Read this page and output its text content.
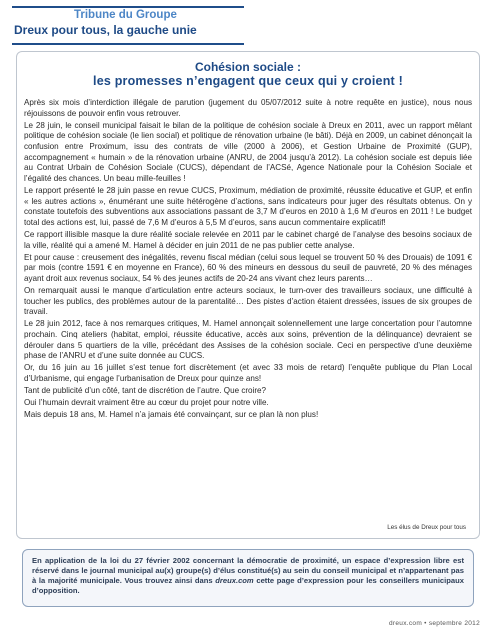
Tribune du Groupe
Dreux pour tous, la gauche unie
Cohésion sociale :
les promesses n’engagent que ceux qui y croient !

Après six mois d’interdiction illégale de parution (jugement du 05/07/2012 suite à notre requête en justice), nous nous réjouissons de pouvoir enfin vous retrouver.

Le 28 juin, le conseil municipal faisait le bilan de la politique de cohésion sociale à Dreux en 2011, avec un rapport mêlant politique de cohésion sociale (le lien social) et politique de rénovation urbaine (le bâti). Déjà en 2009, un cabinet dénonçait la confusion entre Proximum, issu des contrats de ville (2000 à 2006), et Gestion Urbaine de Proximité (GUP), accompagnement « humain » de la rénovation urbaine (ANRU, de 2004 jusqu’à 2012). La cohésion sociale est depuis liée au Contrat Urbain de Cohésion Sociale (CUCS), dépendant de l’ACSé, Agence Nationale pour la Cohésion Sociale et l’égalité des chances. Un beau mille-feuilles !

Le rapport présenté le 28 juin passe en revue CUCS, Proximum, médiation de proximité, réussite éducative et GUP, et enfin « les autres actions », énumérant une suite hétérogène d’actions, sans indicateurs pour juger des résultats obtenus. On y constate toutefois des subventions aux associations passant de 3,7 M d’euros en 2010 à 1,6 M d’euros en 2011 ! Le budget total des actions est, lui, passé de 7,6 M d’euros à 5,5 M d’euros, sans aucun commentaire explicatif!

Ce rapport illisible masque la dure réalité sociale relevée en 2011 par le cabinet chargé de l’analyse des besoins sociaux de la ville, réalité qui a amené M. Hamel à décider en juin 2011 de ne pas publier cette analyse.

Et pour cause : creusement des inégalités, revenu fiscal médian (celui sous lequel se trouvent 50 % des Drouais) de 1091 € par mois (contre 1591 € en moyenne en France), 60 % des mineurs en dessous du seuil de pauvreté, 20 % des ménages ayant droit aux revenus sociaux, 54 % des jeunes actifs de 20-24 ans vivant chez leurs parents…

On remarquait aussi le manque d’articulation entre acteurs sociaux, le turn-over des travailleurs sociaux, une difficulté à toucher les publics, des problèmes autour de la parentalité… Des pistes d’action étaient dressées, issues de six groupes de travail.

Le 28 juin 2012, face à nos remarques critiques, M. Hamel annonçait solennellement une large concertation pour l’automne prochain. Cinq ateliers (habitat, emploi, réussite éducative, accès aux soins, prévention de la délinquance) devraient se dérouler dans 5 quartiers de la ville, précédant des Assises de la cohésion sociale. Ceci en perspective d’une deuxième phase de l’ANRU et d’une suite donnée au CUCS.

Or, du 16 juin au 16 juillet s’est tenue fort discrètement (et avec 33 mois de retard) l’enquête publique du Plan Local d’Urbanisme, qui engage l’urbanisation de Dreux pour quinze ans!

Tant de publicité d’un côté, tant de discrétion de l’autre. Que croire?

Oui l’humain devrait vraiment être au cœur du projet pour notre ville.

Mais depuis 18 ans, M. Hamel n’a jamais été convainçant, sur ce plan là non plus!

Les élus de Dreux pour tous
En application de la loi du 27 février 2002 concernant la démocratie de proximité, un espace d’expression libre est réservé dans le journal municipal au(x) groupe(s) d’élus constitué(s) au sein du conseil municipal et n’appartenant pas à la majorité municipale. Vous trouvez ainsi dans dreux.com cette page d’expression pour les conseillers municipaux d’opposition.
dreux.com • septembre 2012
